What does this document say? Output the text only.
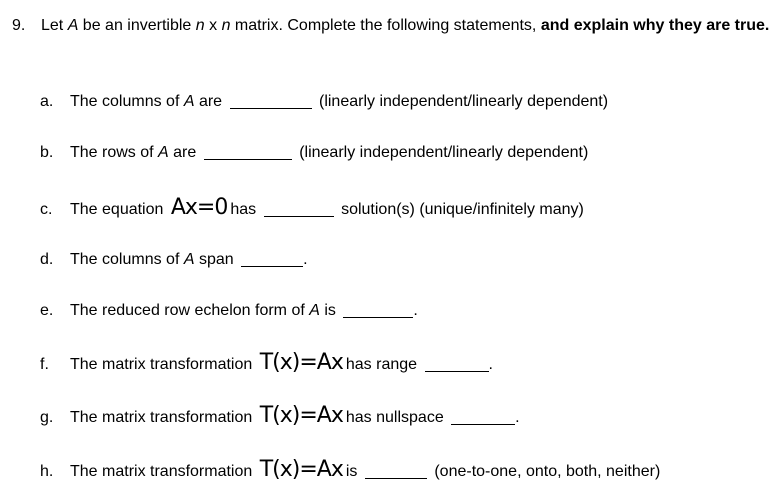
9. Let A be an invertible n x n matrix. Complete the following statements, and explain why they are true.
a. The columns of A are	(linearly independent/linearly dependent)
b. The rows of A are	(linearly independent/linearly dependent)
c. The equation Ax=0 has	solution(s) (unique/infinitely many)
d. The columns of A span	.
e. The reduced row echelon form of A is	.
f. The matrix transformation T(x)=Ax has range	.
g. The matrix transformation T(x)=Ax has nullspace	.
h. The matrix transformation T(x)=Ax is	(one-to-one, onto, both, neither)
